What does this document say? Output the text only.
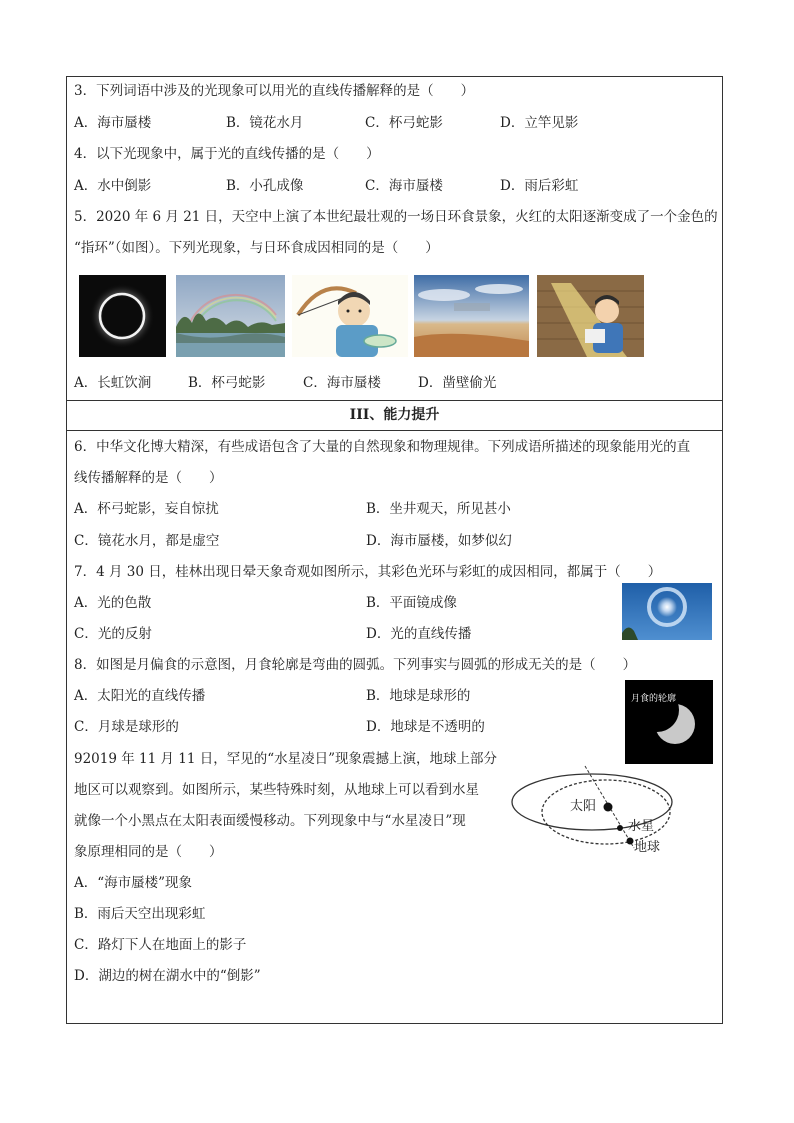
3．下列词语中涉及的光现象可以用光的直线传播解释的是（　　）
A．海市蜃楼	B．镜花水月	C．杯弓蛇影	D．立竿见影
4．以下光现象中，属于光的直线传播的是（　　）
A．水中倒影	B．小孔成像	C．海市蜃楼	D．雨后彩虹
5．2020 年 6 月 21 日，天空中上演了本世纪最壮观的一场日环食景象，火红的太阳逐渐变成了一个金色的
“指环”（如图）。下列光现象，与日环食成因相同的是（　　）
A．长虹饮涧	B．杯弓蛇影	C．海市蜃楼	D．凿壁偷光
III、能力提升
6．中华文化博大精深，有些成语包含了大量的自然现象和物理规律。下列成语所描述的现象能用光的直
线传播解释的是（　　）
A．杯弓蛇影，妄自惊扰	B．坐井观天，所见甚小
C．镜花水月，都是虚空	D．海市蜃楼，如梦似幻
7．4 月 30 日，桂林出现日晕天象奇观如图所示，其彩色光环与彩虹的成因相同，都属于（　　）
A．光的色散	B．平面镜成像
C．光的反射	D．光的直线传播
8．如图是月偏食的示意图，月食轮廓是弯曲的圆弧。下列事实与圆弧的形成无关的是（　　）
A．太阳光的直线传播	B．地球是球形的
C．月球是球形的	D．地球是不透明的
月食的轮廓
92019 年 11 月 11 日，罕见的“水星凌日”现象震撼上演，地球上部分
地区可以观察到。如图所示，某些特殊时刻，从地球上可以看到水星
就像一个小黑点在太阳表面缓慢移动。下列现象中与“水星凌日”现
象原理相同的是（　　）
太阳
水星
地球
A．“海市蜃楼”现象
B．雨后天空出现彩虹
C．路灯下人在地面上的影子
D．湖边的树在湖水中的“倒影”
